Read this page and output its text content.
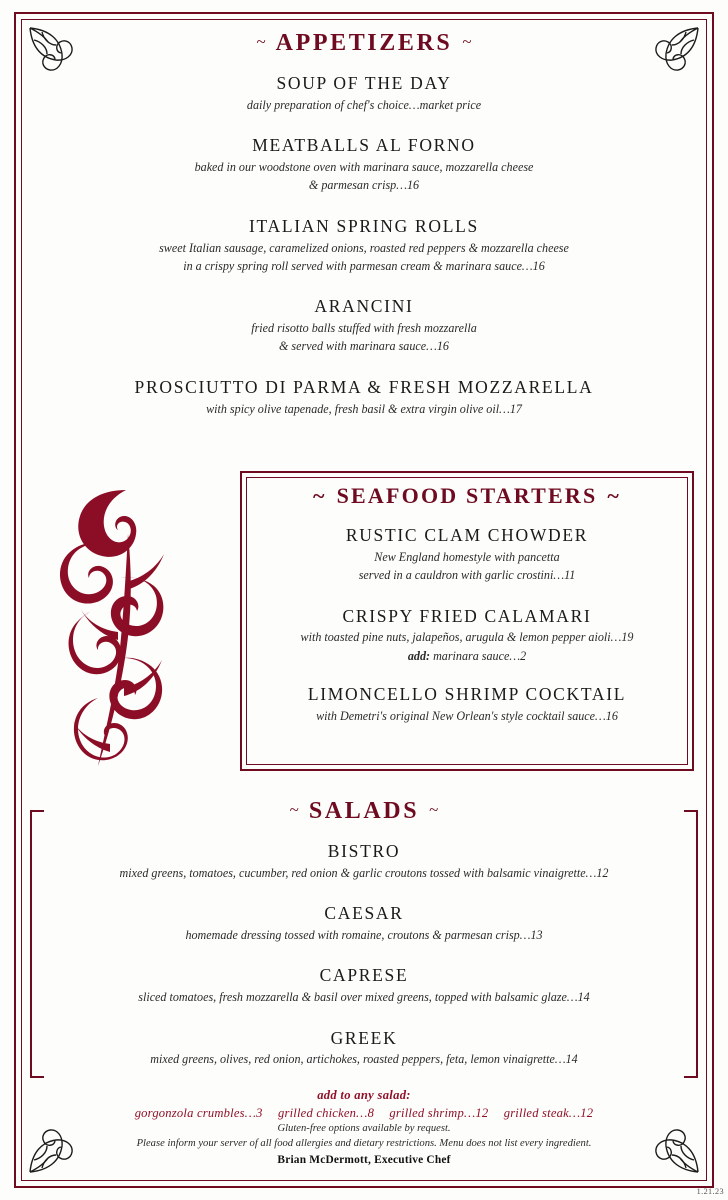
~ APPETIZERS ~
SOUP OF THE DAY
daily preparation of chef's choice…market price
MEATBALLS AL FORNO
baked in our woodstone oven with marinara sauce, mozzarella cheese
& parmesan crisp…16
ITALIAN SPRING ROLLS
sweet Italian sausage, caramelized onions, roasted red peppers & mozzarella cheese
in a crispy spring roll served with parmesan cream & marinara sauce…16
ARANCINI
fried risotto balls stuffed with fresh mozzarella
& served with marinara sauce…16
PROSCIUTTO DI PARMA & FRESH MOZZARELLA
with spicy olive tapenade, fresh basil & extra virgin olive oil…17
~ SEAFOOD STARTERS ~
RUSTIC CLAM CHOWDER
New England homestyle with pancetta
served in a cauldron with garlic crostini…11
CRISPY FRIED CALAMARI
with toasted pine nuts, jalapeños, arugula & lemon pepper aioli…19
add: marinara sauce…2
LIMONCELLO SHRIMP COCKTAIL
with Demetri's original New Orlean's style cocktail sauce…16
~ SALADS ~
BISTRO
mixed greens, tomatoes, cucumber, red onion & garlic croutons tossed with balsamic vinaigrette…12
CAESAR
homemade dressing tossed with romaine, croutons & parmesan crisp…13
CAPRESE
sliced tomatoes, fresh mozzarella & basil over mixed greens, topped with balsamic glaze…14
GREEK
mixed greens, olives, red onion, artichokes, roasted peppers, feta, lemon vinaigrette…14
add to any salad:
gorgonzola crumbles…3 grilled chicken…8 grilled shrimp…12 grilled steak…12
Gluten-free options available by request.
Please inform your server of all food allergies and dietary restrictions. Menu does not list every ingredient.
Brian McDermott, Executive Chef
1.21.23
